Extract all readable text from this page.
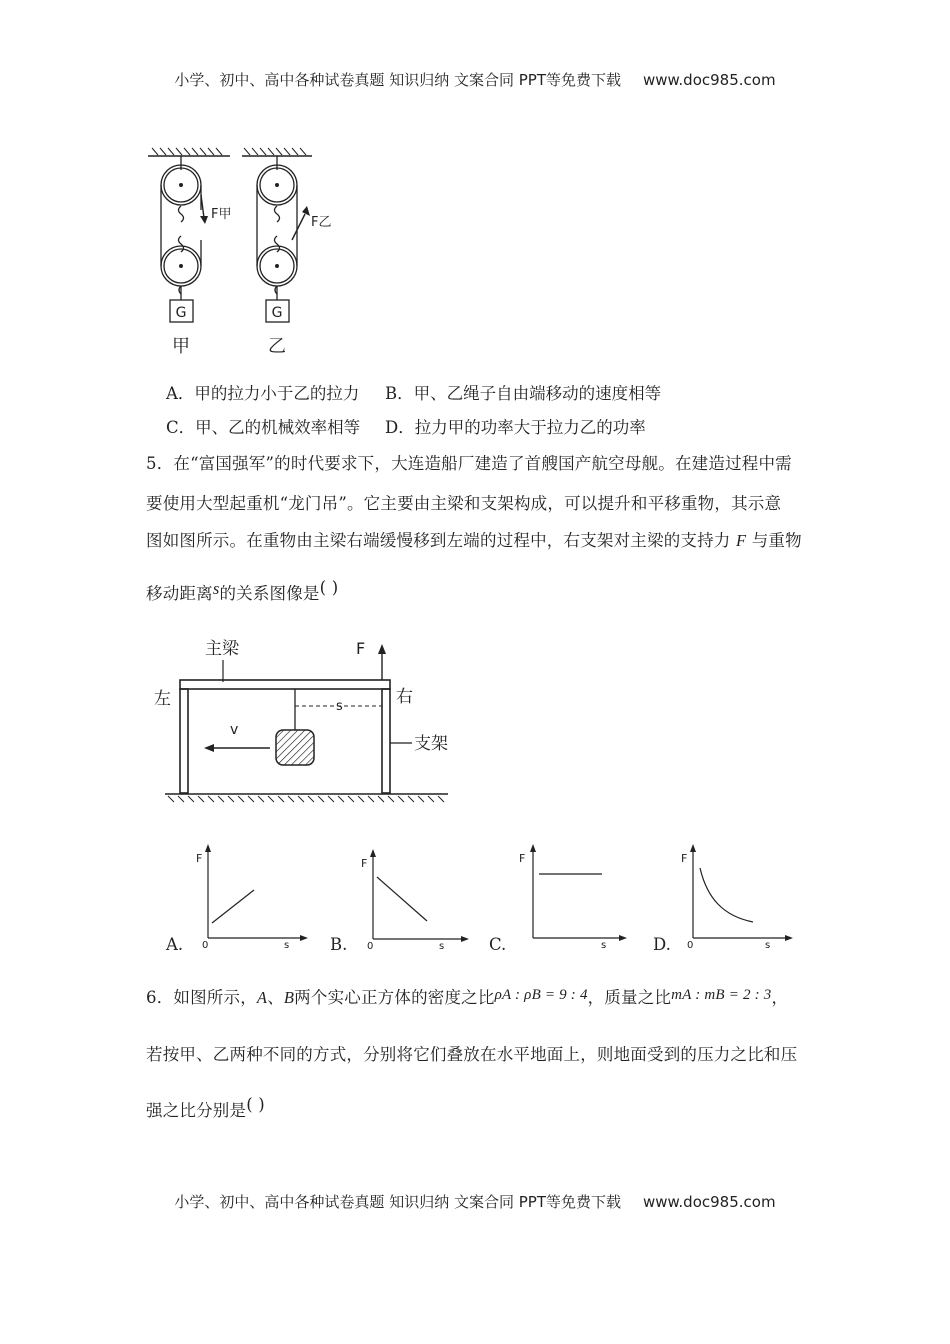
小学、初中、高中各种试卷真题 知识归纳 文案合同 PPT等免费下载 www.doc985.com
F甲
G
甲
F乙
G
乙
A．甲的拉力小于乙的拉力 B．甲、乙绳子自由端移动的速度相等
C．甲、乙的机械效率相等 D．拉力甲的功率大于拉力乙的功率
5．在“富国强军”的时代要求下，大连造船厂建造了首艘国产航空母舰。在建造过程中需
要使用大型起重机“龙门吊”。它主要由主梁和支架构成，可以提升和平移重物，其示意
图如图所示。在重物由主梁右端缓慢移到左端的过程中，右支架对主梁的支持力 F 与重物
移动距离s的关系图像是( )
主梁	F
左	右
s
v
支架
A.
F
s
0	B.
F
s
0	C.
F
s	D.
F
s
0
6．如图所示，A、B两个实心正方体的密度之比ρA : ρB = 9 : 4，质量之比mA : mB = 2 : 3，
若按甲、乙两种不同的方式，分别将它们叠放在水平地面上，则地面受到的压力之比和压
强之比分别是( )
小学、初中、高中各种试卷真题 知识归纳 文案合同 PPT等免费下载 www.doc985.com
